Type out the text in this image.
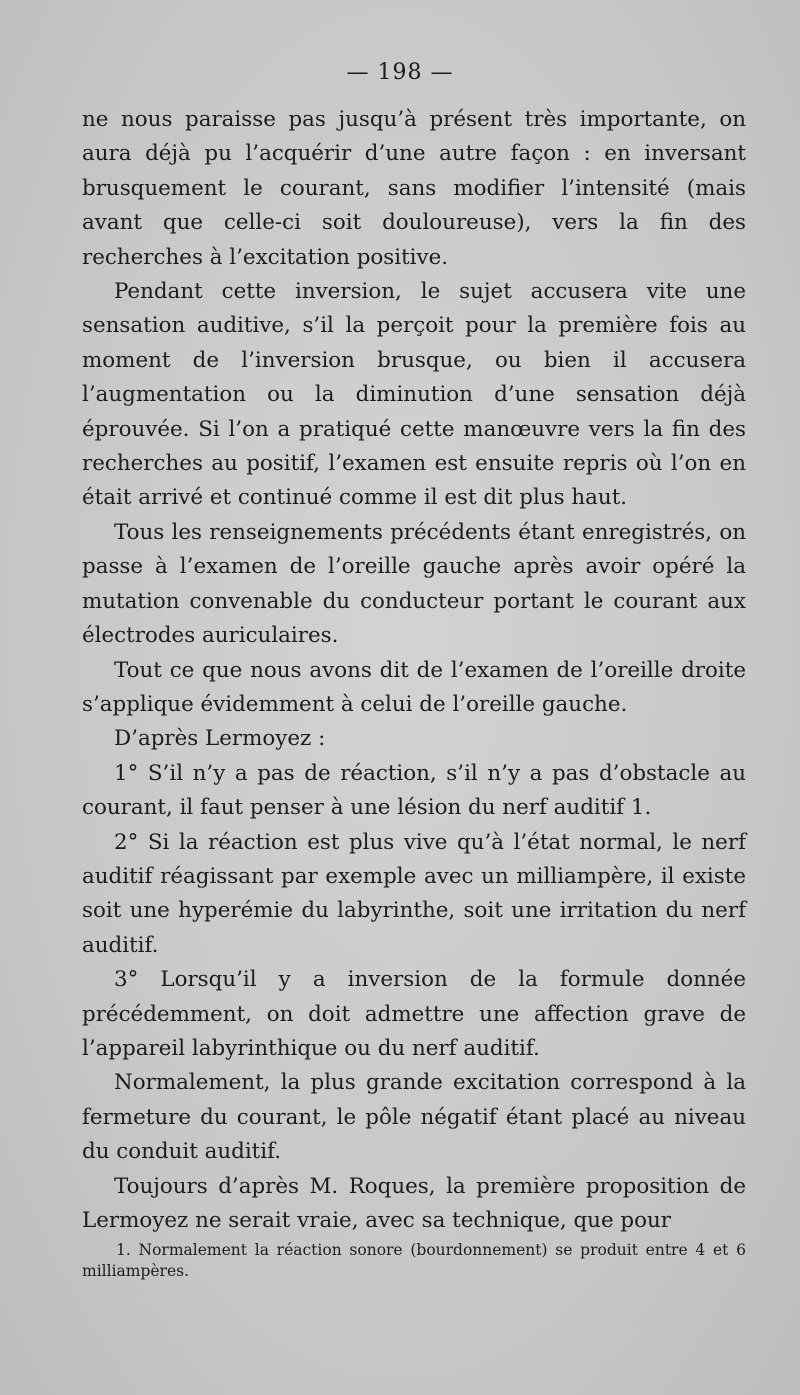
— 198 —

ne nous paraisse pas jusqu’à présent très importante, on aura déjà pu l’acquérir d’une autre façon : en inversant brusquement le courant, sans modifier l’intensité (mais avant que celle-ci soit douloureuse), vers la fin des recherches à l’excitation positive.

Pendant cette inversion, le sujet accusera vite une sensation auditive, s’il la perçoit pour la première fois au moment de l’inversion brusque, ou bien il accusera l’augmentation ou la diminution d’une sensation déjà éprouvée. Si l’on a pratiqué cette manœuvre vers la fin des recherches au positif, l’examen est ensuite repris où l’on en était arrivé et continué comme il est dit plus haut.

Tous les renseignements précédents étant enregistrés, on passe à l’examen de l’oreille gauche après avoir opéré la mutation convenable du conducteur portant le courant aux électrodes auriculaires.

Tout ce que nous avons dit de l’examen de l’oreille droite s’applique évidemment à celui de l’oreille gauche.

D’après Lermoyez :

1° S’il n’y a pas de réaction, s’il n’y a pas d’obstacle au courant, il faut penser à une lésion du nerf auditif 1.

2° Si la réaction est plus vive qu’à l’état normal, le nerf auditif réagissant par exemple avec un milliampère, il existe soit une hyperémie du labyrinthe, soit une irritation du nerf auditif.

3° Lorsqu’il y a inversion de la formule donnée précédemment, on doit admettre une affection grave de l’appareil labyrinthique ou du nerf auditif.

Normalement, la plus grande excitation correspond à la fermeture du courant, le pôle négatif étant placé au niveau du conduit auditif.

Toujours d’après M. Roques, la première proposition de Lermoyez ne serait vraie, avec sa technique, que pour

1. Normalement la réaction sonore (bourdonnement) se produit entre 4 et 6 milliampères.
